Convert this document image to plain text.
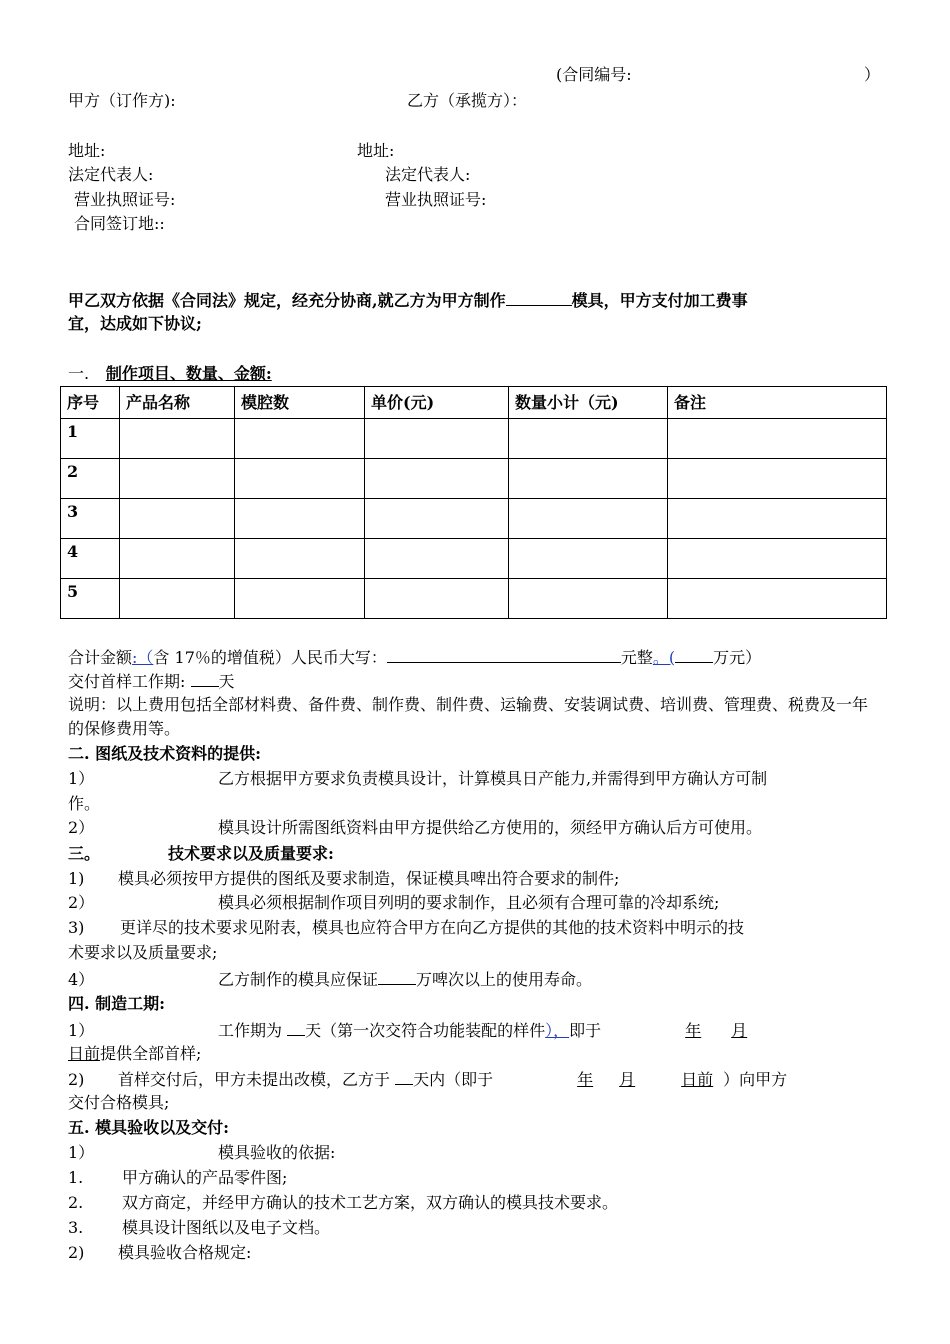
(合同编号:	）
甲方（订作方):	乙方（承揽方）：
地址:	地址:
法定代表人:	法定代表人:
营业执照证号:	营业执照证号:
合同签订地::
甲乙双方依据《合同法》规定，经充分协商,就乙方为甲方制作	模具，甲方支付加工费事
宜，达成如下协议;
一. 制作项目、数量、金额:
序号	产品名称	模腔数	单价(元)	数量小计（元)	备注
1					
2					
3					
4					
5					
合计金额:（含 17％的增值税）人民币大写：	元整。( 万元）
交付首样工作期: 天
说明：以上费用包括全部材料费、备件费、制作费、制件费、运输费、安装调试费、培训费、管理费、税费及一年的保修费用等。
二. 图纸及技术资料的提供:
1）	乙方根据甲方要求负责模具设计，计算模具日产能力,并需得到甲方确认方可制
作。
2）	模具设计所需图纸资料由甲方提供给乙方使用的，须经甲方确认后方可使用。
三。	技术要求以及质量要求:
1) 模具必须按甲方提供的图纸及要求制造，保证模具啤出符合要求的制件;
2）	模具必须根据制作项目列明的要求制作，且必须有合理可靠的冷却系统;
3) 更详尽的技术要求见附表，模具也应符合甲方在向乙方提供的其他的技术资料中明示的技
术要求以及质量要求;
4）	乙方制作的模具应保证 万啤次以上的使用寿命。
四. 制造工期:
1）	工作期为 天（第一次交符合功能装配的样件），即于	年 月
日前提供全部首样;
2) 首样交付后，甲方未提出改模，乙方于 天内（即于	年 月	日前 ）向甲方
交付合格模具;
五. 模具验收以及交付:
1）	模具验收的依据:
1. 甲方确认的产品零件图;
2. 双方商定，并经甲方确认的技术工艺方案，双方确认的模具技术要求。
3. 模具设计图纸以及电子文档。
2) 模具验收合格规定:
